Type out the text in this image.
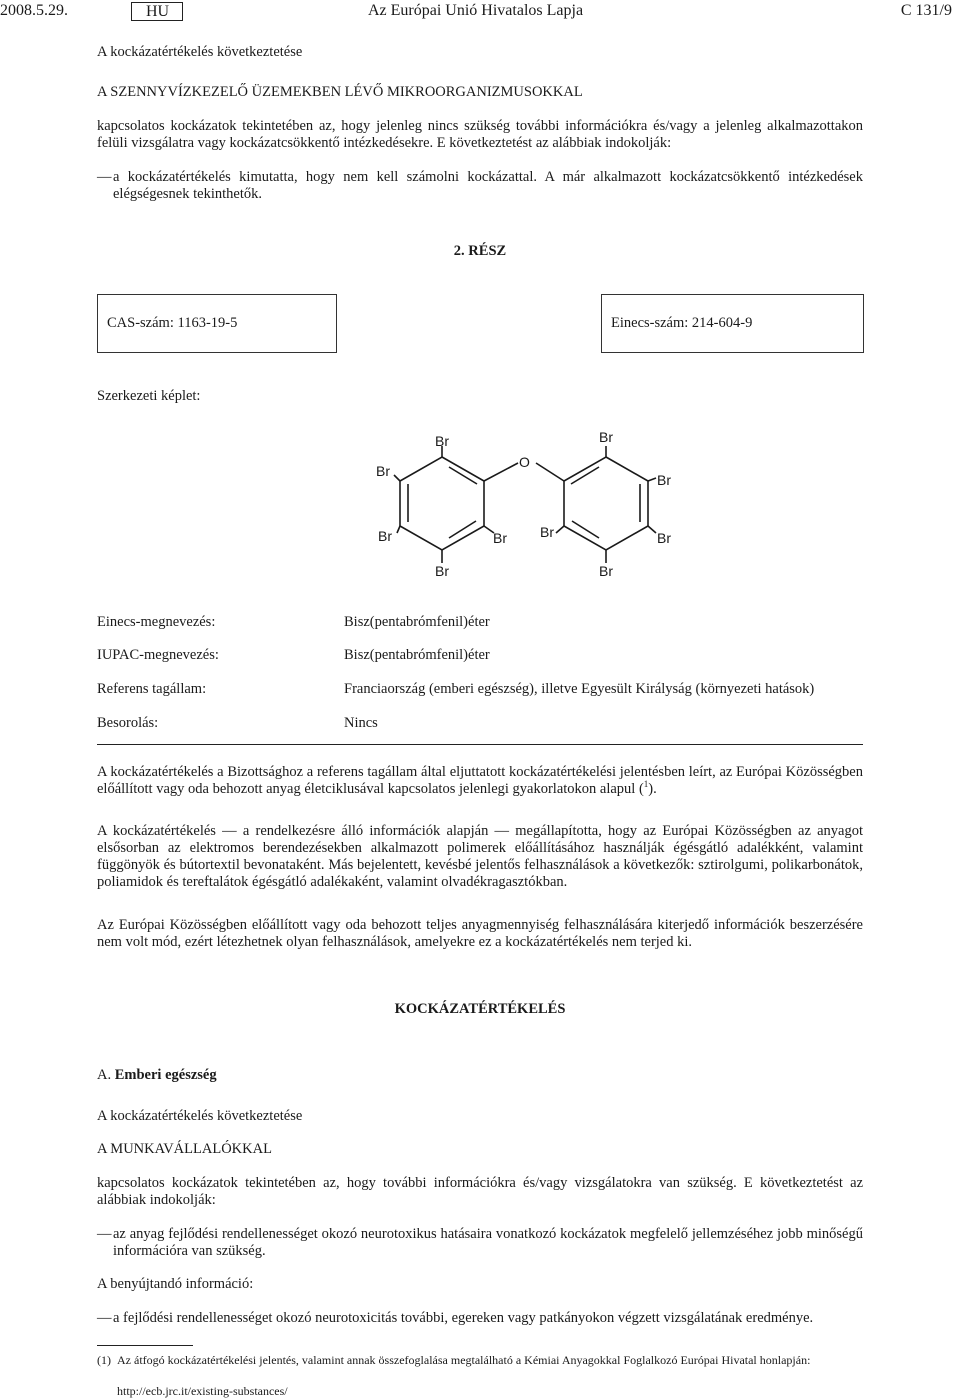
2008.5.29.	HU	Az Európai Unió Hivatalos Lapja	C 131/9
A kockázatértékelés következtetése
A SZENNYVÍZKEZELŐ ÜZEMEKBEN LÉVŐ MIKROORGANIZMUSOKKAL
kapcsolatos kockázatok tekintetében az, hogy jelenleg nincs szükség további információkra és/vagy a jelenleg alkalmazottakon felüli vizsgálatra vagy kockázatcsökkentő intézkedésekre. E következtetést az alábbiak indokolják:
— a kockázatértékelés kimutatta, hogy nem kell számolni kockázattal. A már alkalmazott kockázatcsökkentő intézkedések elégségesnek tekinthetők.
2. RÉSZ
CAS-szám: 1163-19-5	Einecs-szám: 214-604-9
Szerkezeti képlet:
Br
Br
Br	Br
Br
O
Br
Br
Br	Br
Br
Einecs-megnevezés:	Bisz(pentabrómfenil)éter
IUPAC-megnevezés:	Bisz(pentabrómfenil)éter
Referens tagállam:	Franciaország (emberi egészség), illetve Egyesült Királyság (környezeti hatások)
Besorolás:	Nincs
A kockázatértékelés a Bizottsághoz a referens tagállam által eljuttatott kockázatértékelési jelentésben leírt, az Európai Közösségben előállított vagy oda behozott anyag életciklusával kapcsolatos jelenlegi gyakorlatokon alapul ($^1$).
A kockázatértékelés — a rendelkezésre álló információk alapján — megállapította, hogy az Európai Közösségben az anyagot elsősorban az elektromos berendezésekben alkalmazott polimerek előállításához használják égésgátló adalékként, valamint függönyök és bútortextil bevonataként. Más bejelentett, kevésbé jelentős felhasználások a következők: sztirolgumi, polikarbonátok, poliamidok és tereftalátok égésgátló adalékaként, valamint olvadékragasztókban.
Az Európai Közösségben előállított vagy oda behozott teljes anyagmennyiség felhasználására kiterjedő információk beszerzésére nem volt mód, ezért létezhetnek olyan felhasználások, amelyekre ez a kockázatértékelés nem terjed ki.
KOCKÁZATÉRTÉKELÉS
A. Emberi egészség
A kockázatértékelés következtetése
A MUNKAVÁLLALÓKKAL
kapcsolatos kockázatok tekintetében az, hogy további információkra és/vagy vizsgálatokra van szükség. E következtetést az alábbiak indokolják:
— az anyag fejlődési rendellenességet okozó neurotoxikus hatásaira vonatkozó kockázatok megfelelő jellemzéséhez jobb minőségű információra van szükség.
A benyújtandó információ:
— a fejlődési rendellenességet okozó neurotoxicitás további, egereken vagy patkányokon végzett vizsgálatának eredménye.
(1) Az átfogó kockázatértékelési jelentés, valamint annak összefoglalása megtalálható a Kémiai Anyagokkal Foglalkozó Európai Hivatal honlapján:
http://ecb.jrc.it/existing-substances/
